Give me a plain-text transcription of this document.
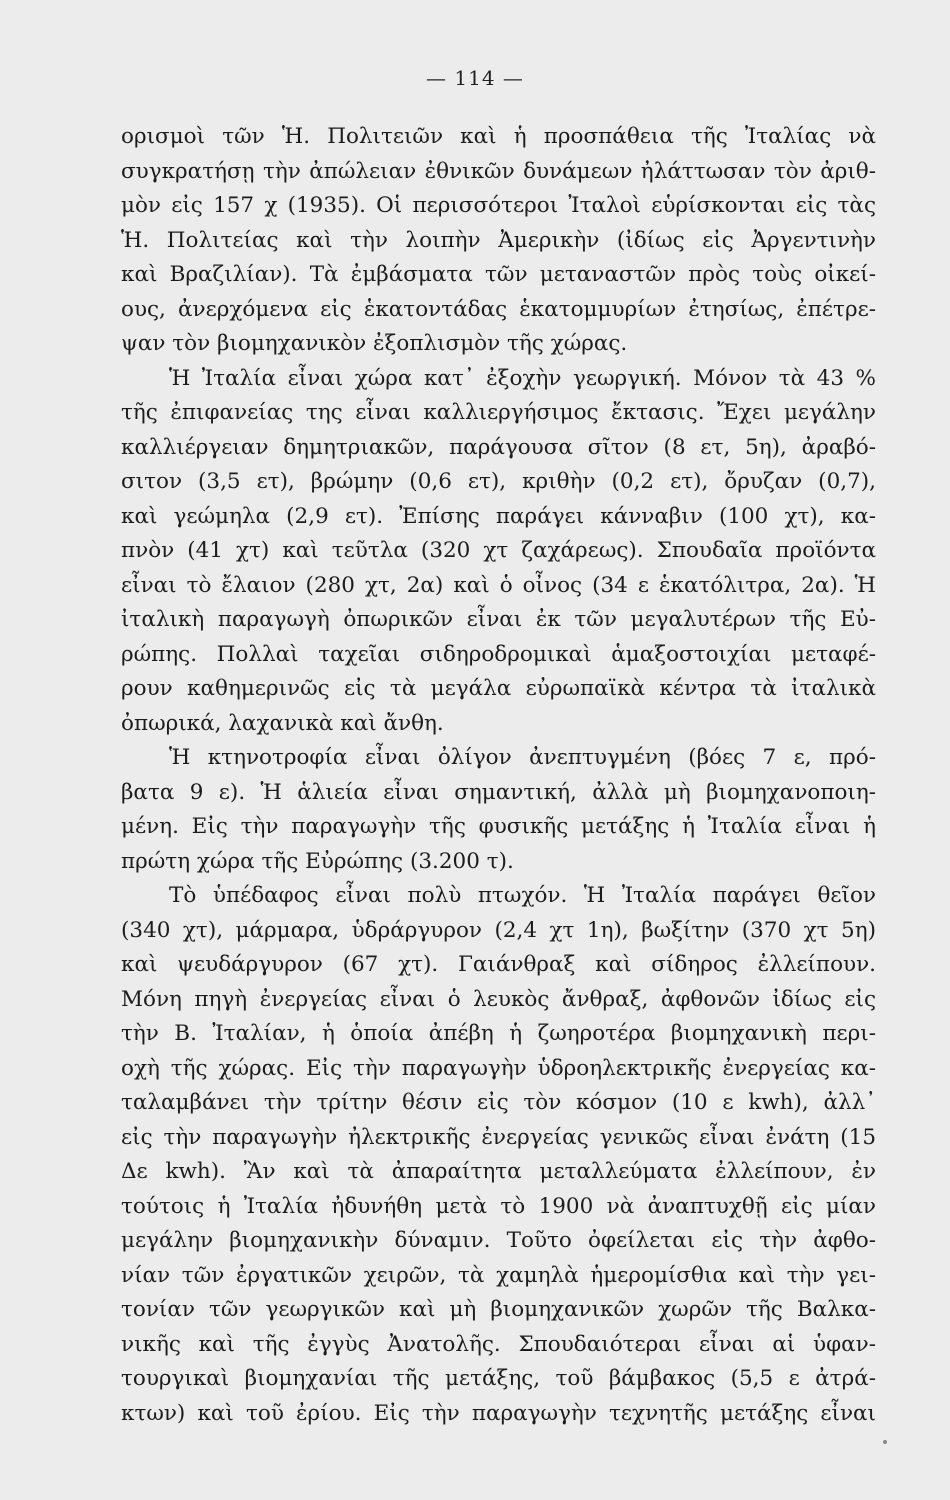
— 114 —
ορισμοὶ τῶν Ἡ. Πολιτειῶν καὶ ἡ προσπάθεια τῆς Ἰταλίας νὰ
συγκρατήσῃ τὴν ἀπώλειαν ἐθνικῶν δυνάμεων ἠλάττωσαν τὸν ἀριθ-
μὸν εἰς 157 χ (1935). Οἱ περισσότεροι Ἰταλοὶ εὑρίσκονται εἰς τὰς
Ἡ. Πολιτείας καὶ τὴν λοιπὴν Ἀμερικὴν (ἰδίως εἰς Ἀργεντινὴν
καὶ Βραζιλίαν). Τὰ ἐμβάσματα τῶν μεταναστῶν πρὸς τοὺς οἰκεί-
ους, ἀνερχόμενα εἰς ἑκατοντάδας ἑκατομμυρίων ἐτησίως, ἐπέτρε-
ψαν τὸν βιομηχανικὸν ἐξοπλισμὸν τῆς χώρας.
Ἡ Ἰταλία εἶναι χώρα κατ᾽ ἐξοχὴν γεωργική. Μόνον τὰ 43 %
τῆς ἐπιφανείας της εἶναι καλλιεργήσιμος ἔκτασις. Ἔχει μεγάλην
καλλιέργειαν δημητριακῶν, παράγουσα σῖτον (8 ετ, 5η), ἀραβό-
σιτον (3,5 ετ), βρώμην (0,6 ετ), κριθὴν (0,2 ετ), ὄρυζαν (0,7),
καὶ γεώμηλα (2,9 ετ). Ἐπίσης παράγει κάνναβιν (100 χτ), κα-
πνὸν (41 χτ) καὶ τεῦτλα (320 χτ ζαχάρεως). Σπουδαῖα προϊόντα
εἶναι τὸ ἔλαιον (280 χτ, 2α) καὶ ὁ οἶνος (34 ε ἑκατόλιτρα, 2α). Ἡ
ἰταλικὴ παραγωγὴ ὀπωρικῶν εἶναι ἐκ τῶν μεγαλυτέρων τῆς Εὐ-
ρώπης. Πολλαὶ ταχεῖαι σιδηροδρομικαὶ ἁμαξοστοιχίαι μεταφέ-
ρουν καθημερινῶς εἰς τὰ μεγάλα εὐρωπαϊκὰ κέντρα τὰ ἰταλικὰ
ὀπωρικά, λαχανικὰ καὶ ἄνθη.
Ἡ κτηνοτροφία εἶναι ὀλίγον ἀνεπτυγμένη (βόες 7 ε, πρό-
βατα 9 ε). Ἡ ἁλιεία εἶναι σημαντική, ἀλλὰ μὴ βιομηχανοποιη-
μένη. Εἰς τὴν παραγωγὴν τῆς φυσικῆς μετάξης ἡ Ἰταλία εἶναι ἡ
πρώτη χώρα τῆς Εὐρώπης (3.200 τ).
Τὸ ὑπέδαφος εἶναι πολὺ πτωχόν. Ἡ Ἰταλία παράγει θεῖον
(340 χτ), μάρμαρα, ὑδράργυρον (2,4 χτ 1η), βωξίτην (370 χτ 5η)
καὶ ψευδάργυρον (67 χτ). Γαιάνθραξ καὶ σίδηρος ἐλλείπουν.
Μόνη πηγὴ ἐνεργείας εἶναι ὁ λευκὸς ἄνθραξ, ἀφθονῶν ἰδίως εἰς
τὴν Β. Ἰταλίαν, ἡ ὁποία ἀπέβη ἡ ζωηροτέρα βιομηχανικὴ περι-
οχὴ τῆς χώρας. Εἰς τὴν παραγωγὴν ὑδροηλεκτρικῆς ἐνεργείας κα-
ταλαμβάνει τὴν τρίτην θέσιν εἰς τὸν κόσμον (10 ε kwh), ἀλλ᾽
εἰς τὴν παραγωγὴν ἠλεκτρικῆς ἐνεργείας γενικῶς εἶναι ἐνάτη (15
Δε kwh). Ἂν καὶ τὰ ἀπαραίτητα μεταλλεύματα ἐλλείπουν, ἐν
τούτοις ἡ Ἰταλία ἠδυνήθη μετὰ τὸ 1900 νὰ ἀναπτυχθῇ εἰς μίαν
μεγάλην βιομηχανικὴν δύναμιν. Τοῦτο ὀφείλεται εἰς τὴν ἀφθο-
νίαν τῶν ἐργατικῶν χειρῶν, τὰ χαμηλὰ ἡμερομίσθια καὶ τὴν γει-
τονίαν τῶν γεωργικῶν καὶ μὴ βιομηχανικῶν χωρῶν τῆς Βαλκα-
νικῆς καὶ τῆς ἐγγὺς Ἀνατολῆς. Σπουδαιότεραι εἶναι αἱ ὑφαν-
τουργικαὶ βιομηχανίαι τῆς μετάξης, τοῦ βάμβακος (5,5 ε ἀτρά-
κτων) καὶ τοῦ ἐρίου. Εἰς τὴν παραγωγὴν τεχνητῆς μετάξης εἶναι
